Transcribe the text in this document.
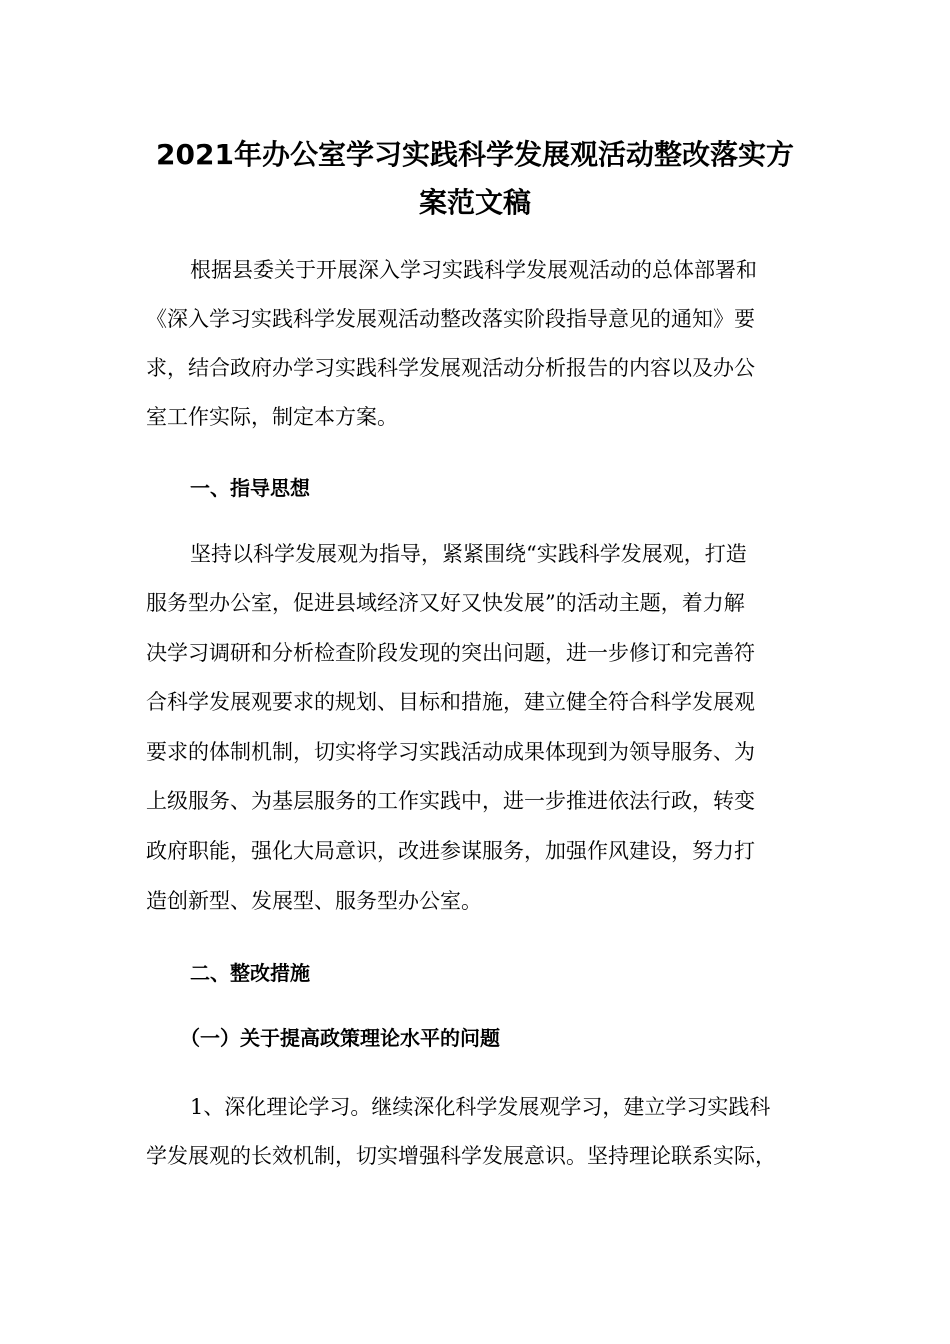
2021年办公室学习实践科学发展观活动整改落实方
案范文稿
根据县委关于开展深入学习实践科学发展观活动的总体部署和
《深入学习实践科学发展观活动整改落实阶段指导意见的通知》要
求，结合政府办学习实践科学发展观活动分析报告的内容以及办公
室工作实际，制定本方案。
一、指导思想
坚持以科学发展观为指导，紧紧围绕“实践科学发展观，打造
服务型办公室，促进县域经济又好又快发展”的活动主题，着力解
决学习调研和分析检查阶段发现的突出问题，进一步修订和完善符
合科学发展观要求的规划、目标和措施，建立健全符合科学发展观
要求的体制机制，切实将学习实践活动成果体现到为领导服务、为
上级服务、为基层服务的工作实践中，进一步推进依法行政，转变
政府职能，强化大局意识，改进参谋服务，加强作风建设，努力打
造创新型、发展型、服务型办公室。
二、整改措施
（一）关于提高政策理论水平的问题
1、深化理论学习。继续深化科学发展观学习，建立学习实践科
学发展观的长效机制，切实增强科学发展意识。坚持理论联系实际，
